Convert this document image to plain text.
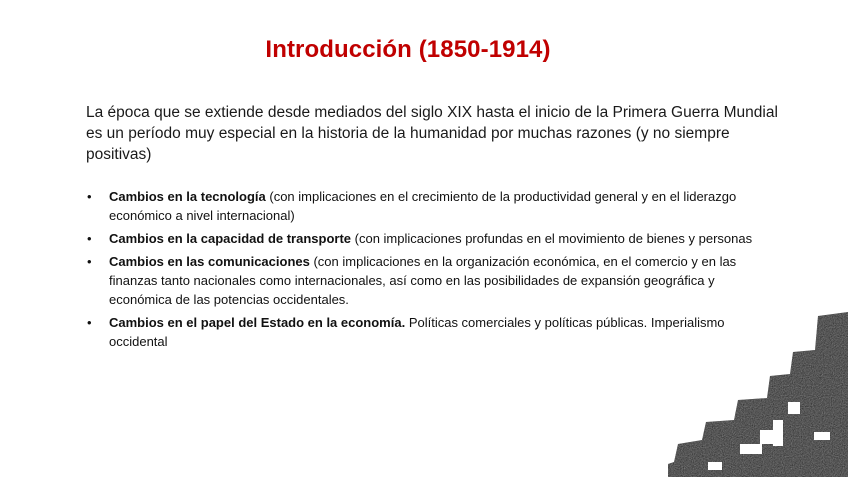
Introducción (1850-1914)

La época que se extiende desde mediados del siglo XIX hasta el inicio de la Primera Guerra Mundial es un período muy especial en la historia de la humanidad por muchas razones (y no siempre positivas)

• Cambios en la tecnología (con implicaciones en el crecimiento de la productividad general y en el liderazgo económico a nivel internacional)
• Cambios en la capacidad de transporte (con implicaciones profundas en el movimiento de bienes y personas
• Cambios en las comunicaciones (con implicaciones en la organización económica, en el comercio y en las finanzas tanto nacionales como internacionales, así como en las posibilidades de expansión geográfica y económica de las potencias occidentales.
• Cambios en el papel del Estado en la economía. Políticas comerciales y políticas públicas. Imperialismo occidental
